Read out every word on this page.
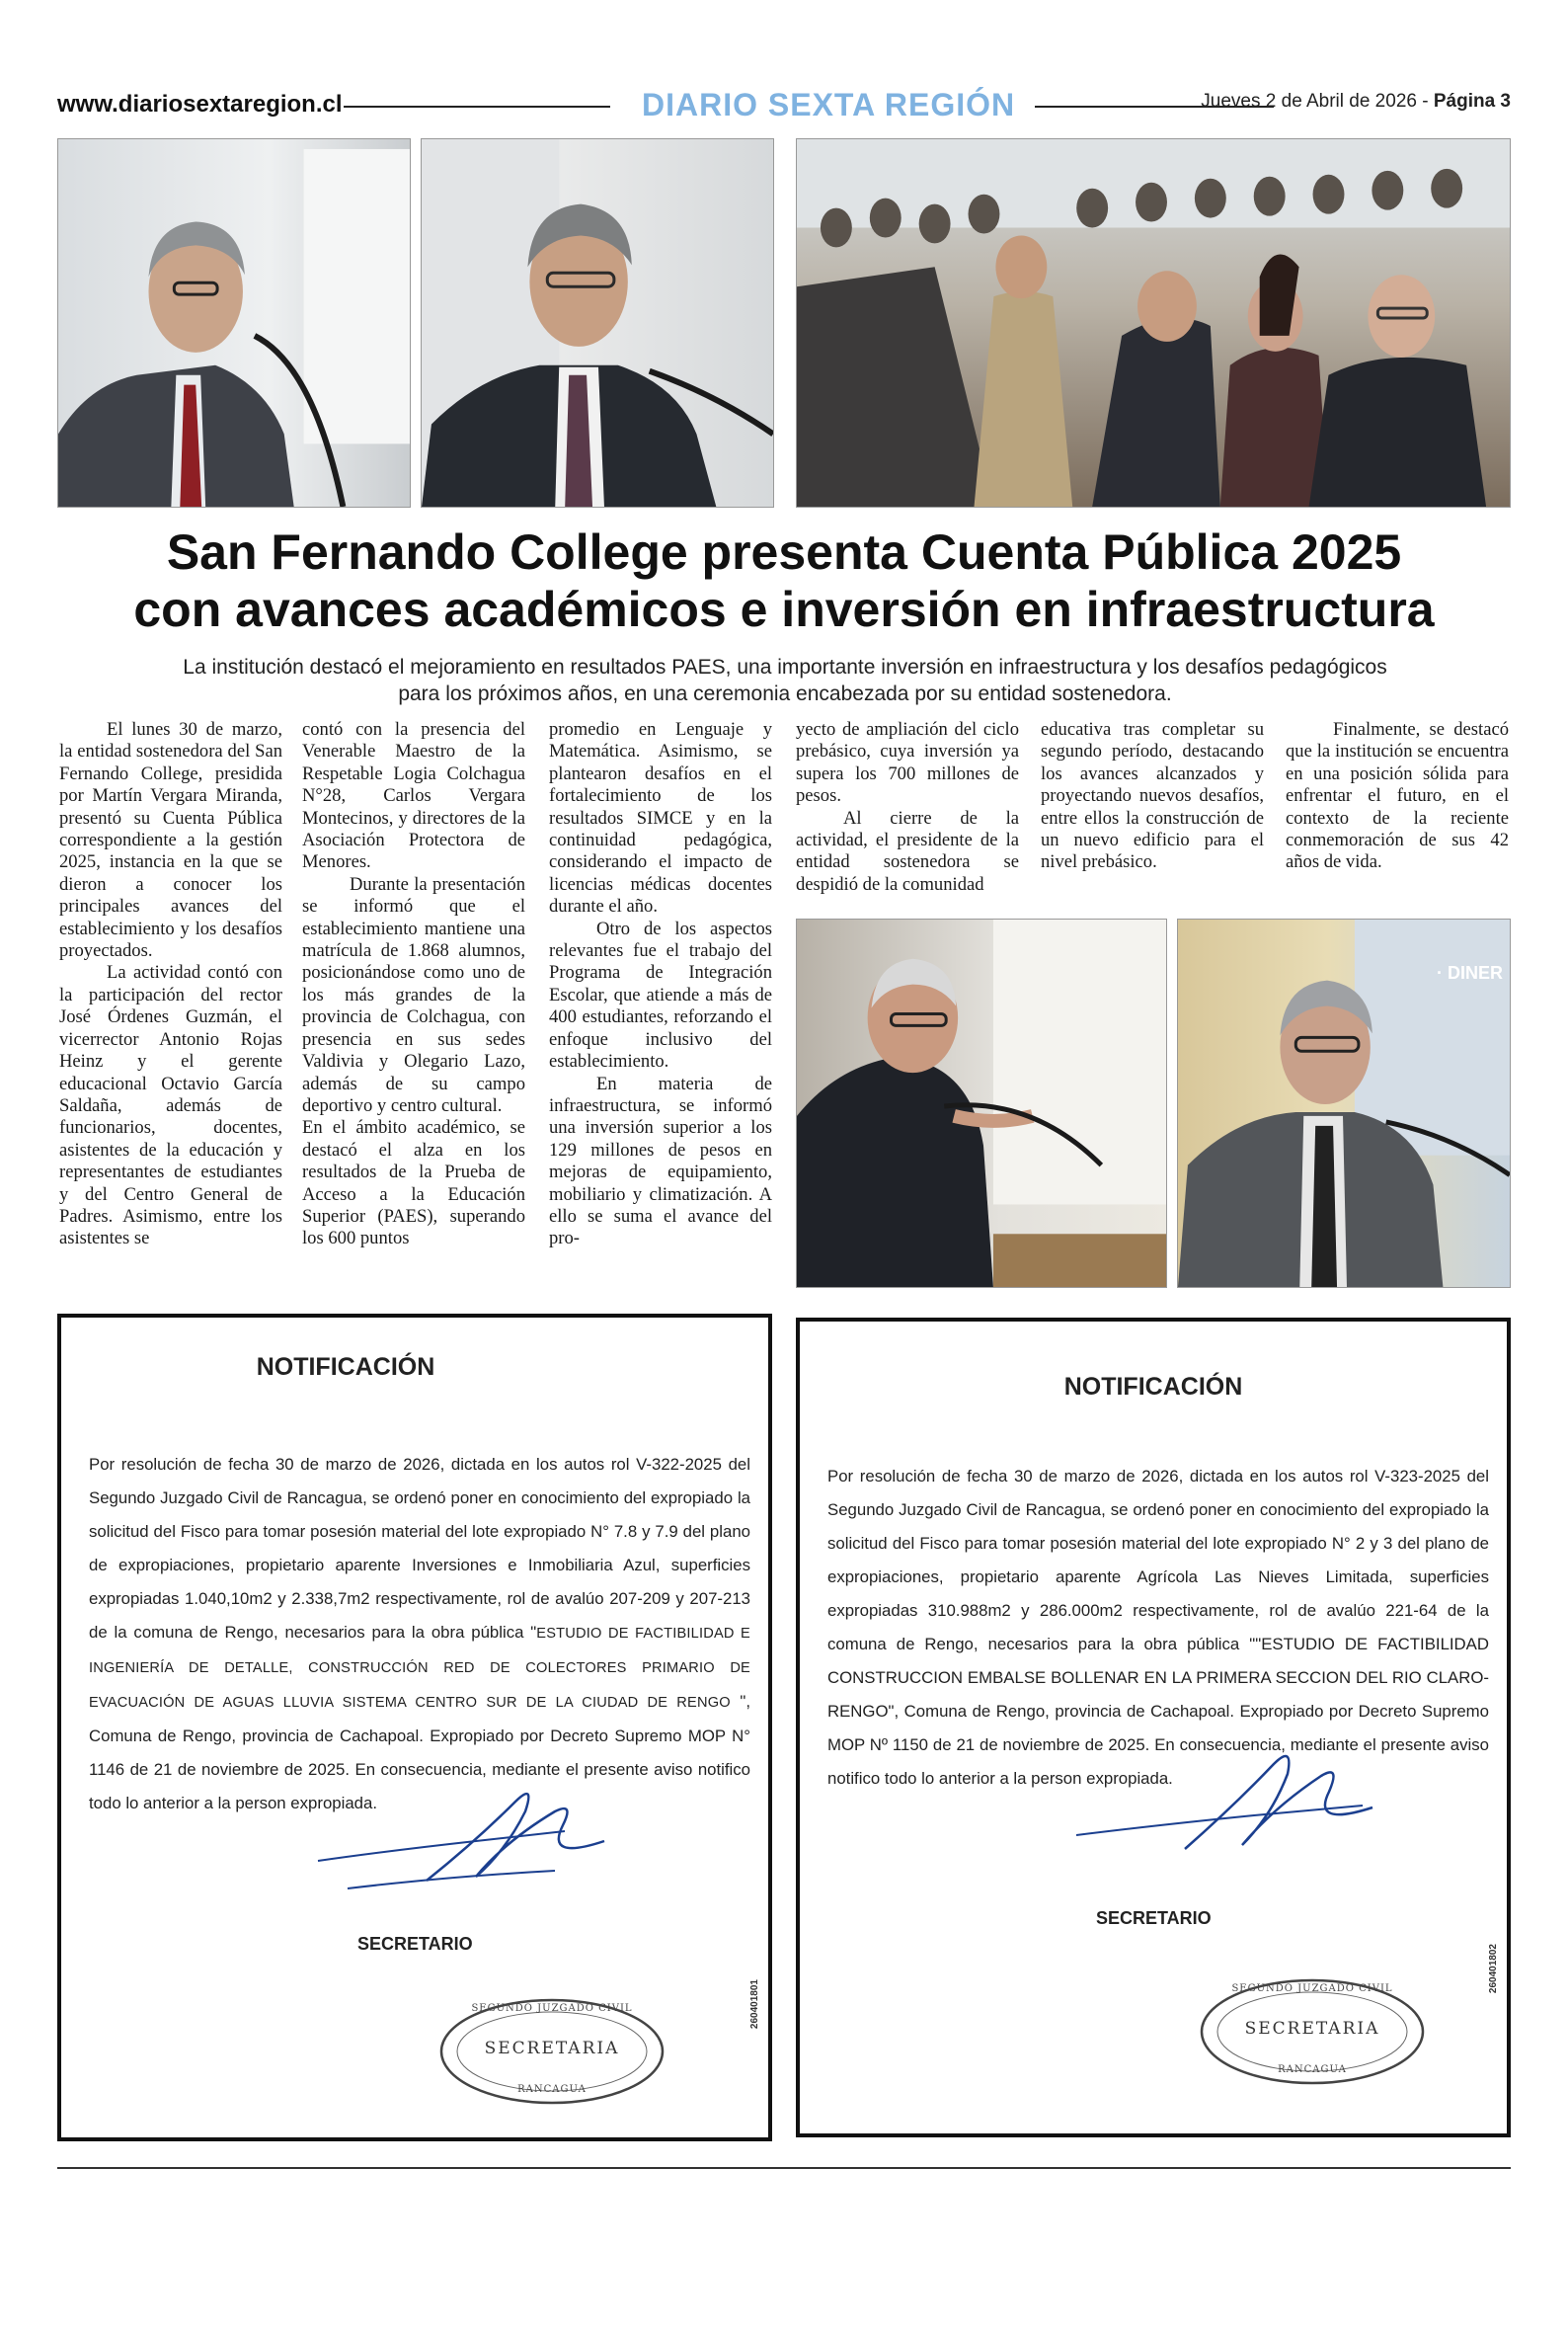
www.diariosextaregion.cl	DIARIO SEXTA REGIÓN	Jueves 2 de Abril de 2026 - Página 3
· DINER
San Fernando College presenta Cuenta Pública 2025
con avances académicos e inversión en infraestructura
La institución destacó el mejoramiento en resultados PAES, una importante inversión en infraestructura y los desafíos pedagógicos
para los próximos años, en una ceremonia encabezada por su entidad sostenedora.

El lunes 30 de marzo, la entidad sostenedora del San Fernando College, presidida por Martín Vergara Miranda, presentó su Cuenta Pública correspondiente a la gestión 2025, instancia en la que se dieron a conocer los principales avances del establecimiento y los desafíos proyectados.

La actividad contó con la participación del rector José Órdenes Guzmán, el vicerrector Antonio Rojas Heinz y el gerente educacional Octavio García Saldaña, además de funcionarios, docentes, asistentes de la educación y representantes de estudiantes y del Centro General de Padres. Asimismo, entre los asistentes se

contó con la presencia del Venerable Maestro de la Respetable Logia Colchagua N°28, Carlos Vergara Montecinos, y directores de la Asociación Protectora de Menores.

Durante la presentación se informó que el establecimiento mantiene una matrícula de 1.868 alumnos, posicionándose como uno de los más grandes de la provincia de Colchagua, con presencia en sus sedes Valdivia y Olegario Lazo, además de su campo deportivo y centro cultural.

En el ámbito académico, se destacó el alza en los resultados de la Prueba de Acceso a la Educación Superior (PAES), superando los 600 puntos

promedio en Lenguaje y Matemática. Asimismo, se plantearon desafíos en el fortalecimiento de los resultados SIMCE y en la continuidad pedagógica, considerando el impacto de licencias médicas docentes durante el año.

Otro de los aspectos relevantes fue el trabajo del Programa de Integración Escolar, que atiende a más de 400 estudiantes, reforzando el enfoque inclusivo del establecimiento.

En materia de infraestructura, se informó una inversión superior a los 129 millones de pesos en mejoras de equipamiento, mobiliario y climatización. A ello se suma el avance del pro-

yecto de ampliación del ciclo prebásico, cuya inversión ya supera los 700 millones de pesos.

Al cierre de la actividad, el presidente de la entidad sostenedora se despidió de la comunidad

educativa tras completar su segundo período, destacando los avances alcanzados y proyectando nuevos desafíos, entre ellos la construcción de un nuevo edificio para el nivel prebásico.

Finalmente, se destacó que la institución se encuentra en una posición sólida para enfrentar el futuro, en el contexto de la reciente conmemoración de sus 42 años de vida.

NOTIFICACIÓN
Por resolución de fecha 30 de marzo de 2026, dictada en los autos rol V-322-2025 del Segundo Juzgado Civil de Rancagua, se ordenó poner en conocimiento del expropiado la solicitud del Fisco para tomar posesión material del lote expropiado N° 7.8 y 7.9 del plano de expropiaciones, propietario aparente Inversiones e Inmobiliaria Azul, superficies expropiadas 1.040,10m2 y 2.338,7m2 respectivamente, rol de avalúo 207-209 y 207-213 de la comuna de Rengo, necesarios para la obra pública "ESTUDIO DE FACTIBILIDAD E INGENIERÍA DE DETALLE, CONSTRUCCIÓN RED DE COLECTORES PRIMARIO DE EVACUACIÓN DE AGUAS LLUVIA SISTEMA CENTRO SUR DE LA CIUDAD DE RENGO ", Comuna de Rengo, provincia de Cachapoal. Expropiado por Decreto Supremo MOP N° 1146 de 21 de noviembre de 2025. En consecuencia, mediante el presente aviso notifico todo lo anterior a la person expropiada.
SECRETARIO
SEGUNDO JUZGADO CIVIL
SECRETARIA
RANCAGUA
260401801
NOTIFICACIÓN
Por resolución de fecha 30 de marzo de 2026, dictada en los autos rol V-323-2025 del Segundo Juzgado Civil de Rancagua, se ordenó poner en conocimiento del expropiado la solicitud del Fisco para tomar posesión material del lote expropiado N° 2 y 3 del plano de expropiaciones, propietario aparente Agrícola Las Nieves Limitada, superficies expropiadas 310.988m2 y 286.000m2 respectivamente, rol de avalúo 221-64 de la comuna de Rengo, necesarios para la obra pública ""ESTUDIO DE FACTIBILIDAD CONSTRUCCION EMBALSE BOLLENAR EN LA PRIMERA SECCION DEL RIO CLARO-RENGO", Comuna de Rengo, provincia de Cachapoal. Expropiado por Decreto Supremo MOP Nº 1150 de 21 de noviembre de 2025. En consecuencia, mediante el presente aviso notifico todo lo anterior a la person expropiada.
SECRETARIO
SEGUNDO JUZGADO CIVIL
SECRETARIA
RANCAGUA
260401802
